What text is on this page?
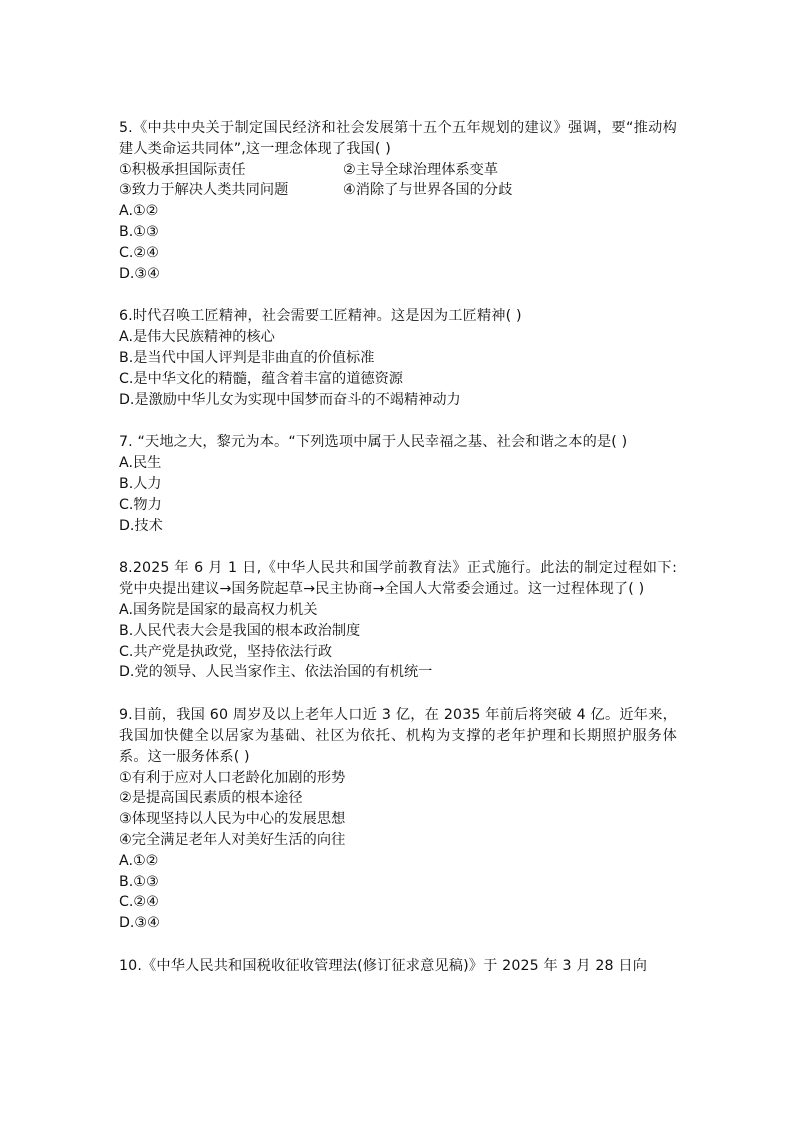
5.《中共中央关于制定国民经济和社会发展第十五个五年规划的建议》强调，要“推动构建人类命运共同体”,这一理念体现了我国( )
①积极承担国际责任	②主导全球治理体系变革
③致力于解决人类共同问题	④消除了与世界各国的分歧
A.①②
B.①③
C.②④
D.③④
6.时代召唤工匠精神，社会需要工匠精神。这是因为工匠精神( )
A.是伟大民族精神的核心
B.是当代中国人评判是非曲直的价值标准
C.是中华文化的精髓，蕴含着丰富的道德资源
D.是激励中华儿女为实现中国梦而奋斗的不竭精神动力
7. “天地之大，黎元为本。“下列选项中属于人民幸福之基、社会和谐之本的是( )
A.民生
B.人力
C.物力
D.技术
8.2025 年 6 月 1 日,《中华人民共和国学前教育法》正式施行。此法的制定过程如下: 党中央提出建议→国务院起草→民主协商→全国人大常委会通过。这一过程体现了( )
A.国务院是国家的最高权力机关
B.人民代表大会是我国的根本政治制度
C.共产党是执政党，坚持依法行政
D.党的领导、人民当家作主、依法治国的有机统一
9.目前，我国 60 周岁及以上老年人口近 3 亿，在 2035 年前后将突破 4 亿。近年来，我国加快健全以居家为基础、社区为依托、机构为支撑的老年护理和长期照护服务体系。这一服务体系( )
①有利于应对人口老龄化加剧的形势
②是提高国民素质的根本途径
③体现坚持以人民为中心的发展思想
④完全满足老年人对美好生活的向往
A.①②
B.①③
C.②④
D.③④
10.《中华人民共和国税收征收管理法(修订征求意见稿)》于 2025 年 3 月 28 日向
